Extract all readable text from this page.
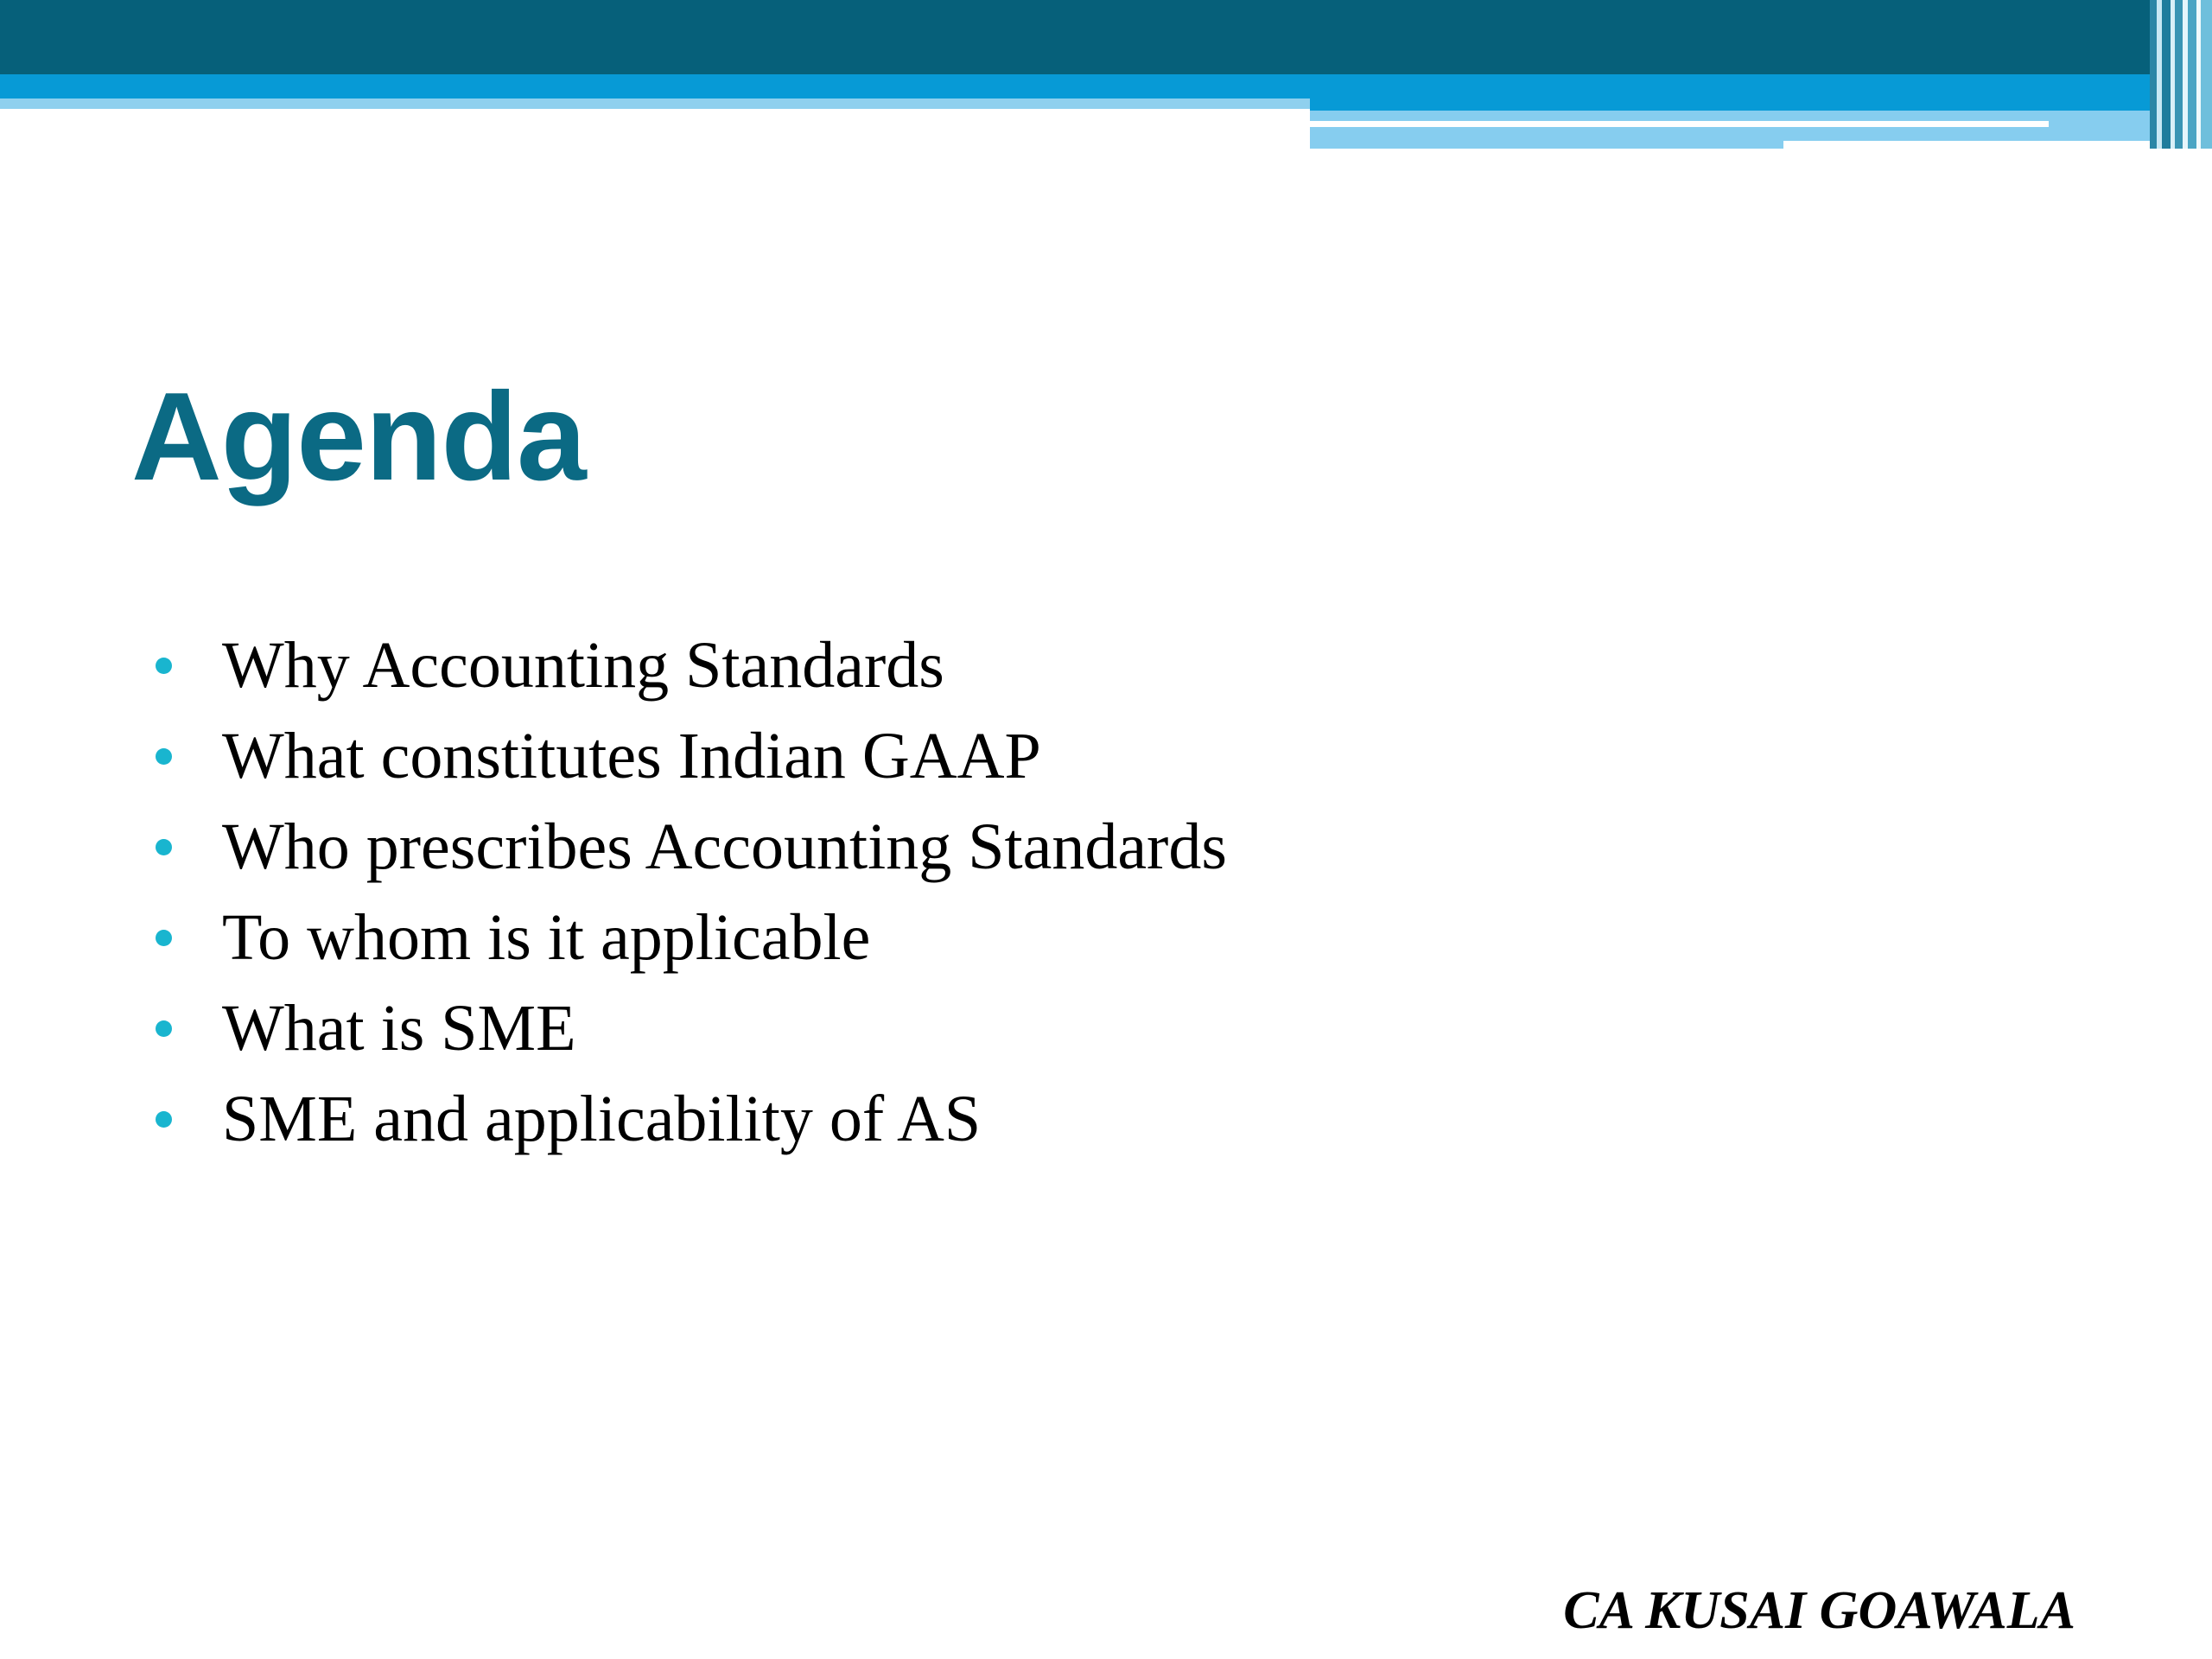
Agenda
Why Accounting Standards
What constitutes Indian GAAP
Who prescribes Accounting Standards
To whom is it applicable
What is SME
SME and applicability of AS
CA KUSAI GOAWALA
